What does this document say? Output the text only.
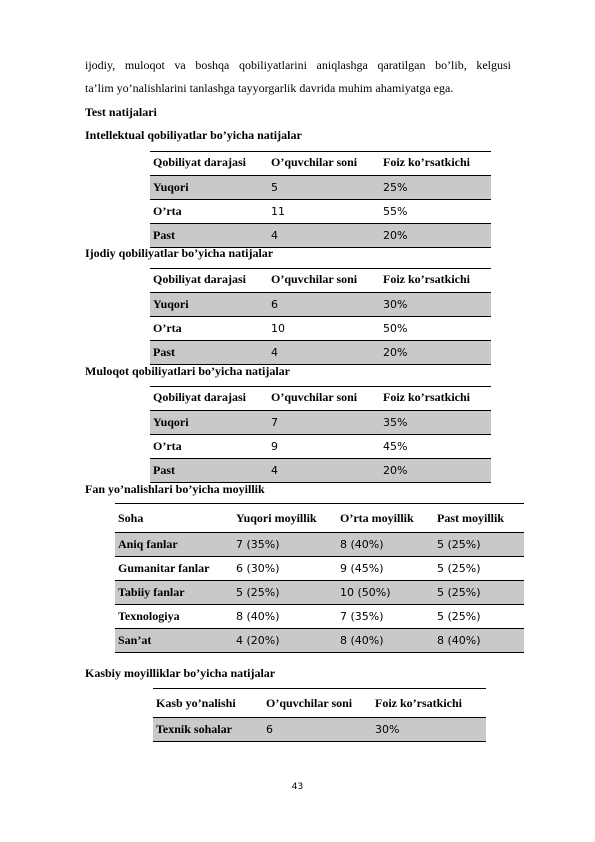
ijodiy, muloqot va boshqa qobiliyatlarini aniqlashga qaratilgan bo’lib, kelgusi
ta’lim yo’nalishlarini tanlashga tayyorgarlik davrida muhim ahamiyatga ega.
Test natijalari
Intellektual qobiliyatlar bo’yicha natijalar
Qobiliyat darajasi	O’quvchilar soni	Foiz ko’rsatkichi
Yuqori	5	25%
O’rta	11	55%
Past	4	20%
Ijodiy qobiliyatlar bo’yicha natijalar
Qobiliyat darajasi	O’quvchilar soni	Foiz ko’rsatkichi
Yuqori	6	30%
O’rta	10	50%
Past	4	20%
Muloqot qobiliyatlari bo’yicha natijalar
Qobiliyat darajasi	O’quvchilar soni	Foiz ko’rsatkichi
Yuqori	7	35%
O’rta	9	45%
Past	4	20%
Fan yo’nalishlari bo’yicha moyillik
Soha	Yuqori moyillik	O’rta moyillik	Past moyillik
Aniq fanlar	7 (35%)	8 (40%)	5 (25%)
Gumanitar fanlar	6 (30%)	9 (45%)	5 (25%)
Tabiiy fanlar	5 (25%)	10 (50%)	5 (25%)
Texnologiya	8 (40%)	7 (35%)	5 (25%)
San’at	4 (20%)	8 (40%)	8 (40%)
Kasbiy moyilliklar bo’yicha natijalar
Kasb yo’nalishi	O’quvchilar soni	Foiz ko’rsatkichi
Texnik sohalar	6	30%
43
